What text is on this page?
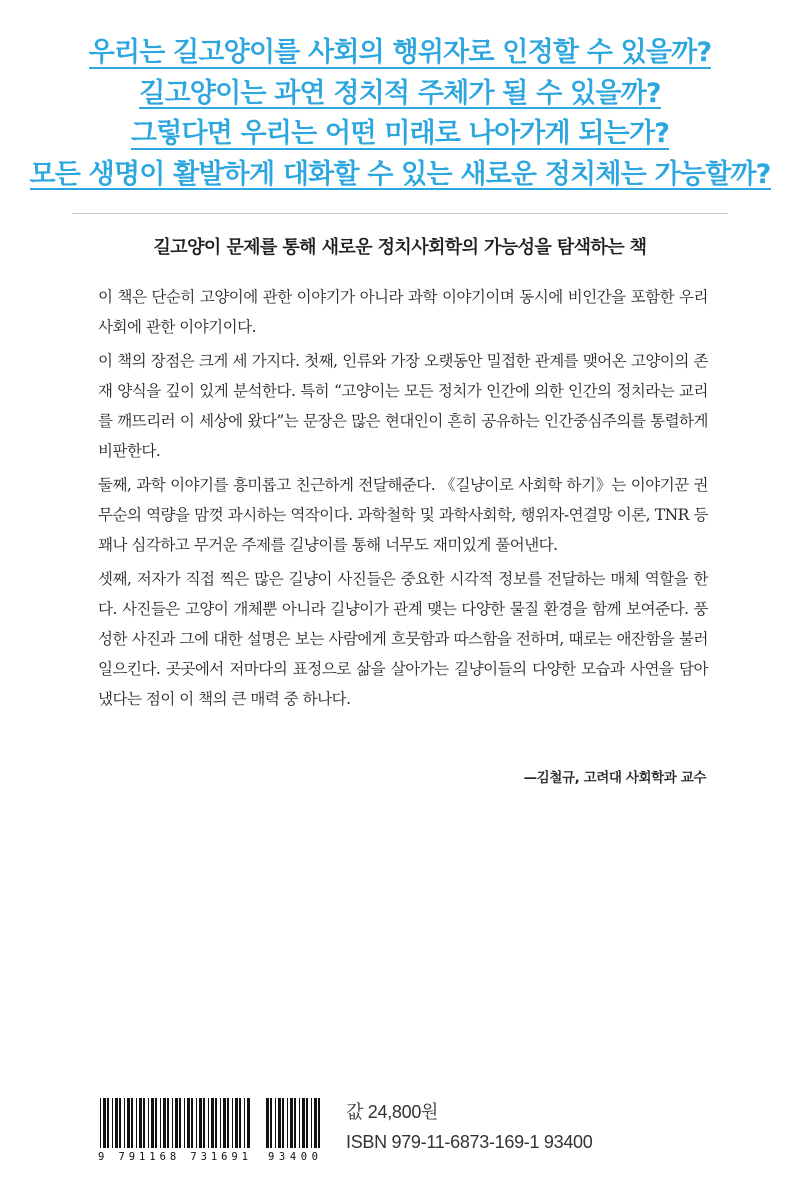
우리는 길고양이를 사회의 행위자로 인정할 수 있을까?
길고양이는 과연 정치적 주체가 될 수 있을까?
그렇다면 우리는 어떤 미래로 나아가게 되는가?
모든 생명이 활발하게 대화할 수 있는 새로운 정치체는 가능할까?
길고양이 문제를 통해 새로운 정치사회학의 가능성을 탐색하는 책

이 책은 단순히 고양이에 관한 이야기가 아니라 과학 이야기이며 동시에 비인간을 포함한 우리 사회에 관한 이야기이다.

이 책의 장점은 크게 세 가지다. 첫째, 인류와 가장 오랫동안 밀접한 관계를 맺어온 고양이의 존재 양식을 깊이 있게 분석한다. 특히 “고양이는 모든 정치가 인간에 의한 인간의 정치라는 교리를 깨뜨리러 이 세상에 왔다”는 문장은 많은 현대인이 흔히 공유하는 인간중심주의를 통렬하게 비판한다.

둘째, 과학 이야기를 흥미롭고 친근하게 전달해준다. 《길냥이로 사회학 하기》는 이야기꾼 권무순의 역량을 맘껏 과시하는 역작이다. 과학철학 및 과학사회학, 행위자-연결망 이론, TNR 등 꽤나 심각하고 무거운 주제를 길냥이를 통해 너무도 재미있게 풀어낸다.

셋째, 저자가 직접 찍은 많은 길냥이 사진들은 중요한 시각적 정보를 전달하는 매체 역할을 한다. 사진들은 고양이 개체뿐 아니라 길냥이가 관계 맺는 다양한 물질 환경을 함께 보여준다. 풍성한 사진과 그에 대한 설명은 보는 사람에게 흐뭇함과 따스함을 전하며, 때로는 애잔함을 불러일으킨다. 곳곳에서 저마다의 표정으로 삶을 살아가는 길냥이들의 다양한 모습과 사연을 담아냈다는 점이 이 책의 큰 매력 중 하나다.

—김철규, 고려대 사회학과 교수
9 791168 731691 93400
값 24,800원
ISBN 979-11-6873-169-1 93400
